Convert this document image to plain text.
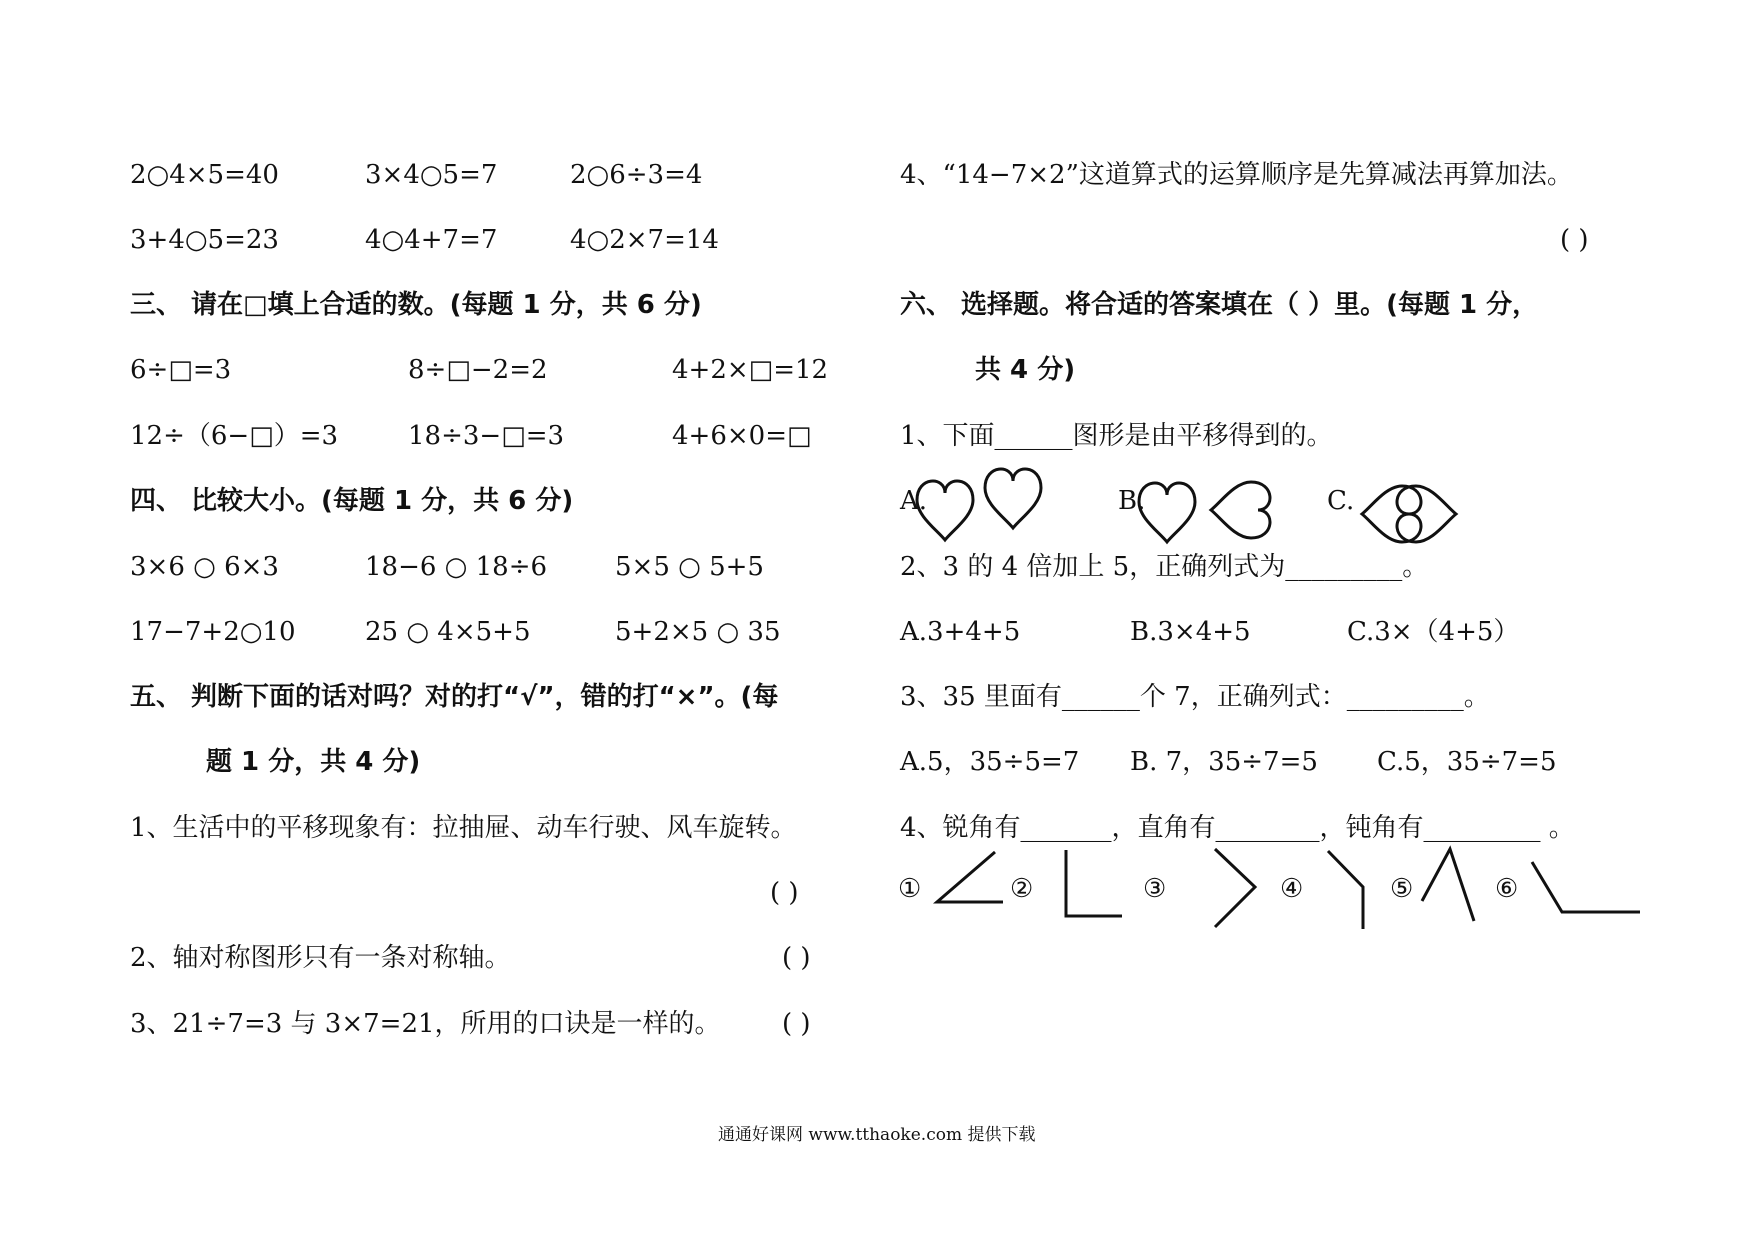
2○4×5=40	3×4○5=7	2○6÷3=4
3+4○5=23	4○4+7=7	4○2×7=14
三、 请在□填上合适的数。(每题 1 分，共 6 分)
6÷□=3	8÷□−2=2	4+2×□=12
12÷（6−□）=3	18÷3−□=3	4+6×0=□
四、 比较大小。(每题 1 分，共 6 分)
3×6 ○ 6×3	18−6 ○ 18÷6	5×5 ○ 5+5
17−7+2○10	25 ○ 4×5+5	5+2×5 ○ 35
五、 判断下面的话对吗？对的打“√”，错的打“×”。(每
题 1 分，共 4 分)
1、生活中的平移现象有：拉抽屉、动车行驶、风车旋转。
( )
2、轴对称图形只有一条对称轴。	( )
3、21÷7=3 与 3×7=21，所用的口诀是一样的。 ( )
4、“14−7×2”这道算式的运算顺序是先算减法再算加法。
( )
六、 选择题。将合适的答案填在（ ）里。(每题 1 分，
共 4 分)
1、下面______图形是由平移得到的。
A.	B.	C.
2、3 的 4 倍加上 5，正确列式为_________。
A.3+4+5	B.3×4+5	C.3×（4+5）
3、35 里面有______个 7，正确列式：_________。
A.5，35÷5=7 B. 7，35÷7=5 C.5，35÷7=5
4、锐角有_______，直角有________，钝角有_________ 。
①	②	③	④	⑤	⑥
通通好课网 www.tthaoke.com 提供下载
